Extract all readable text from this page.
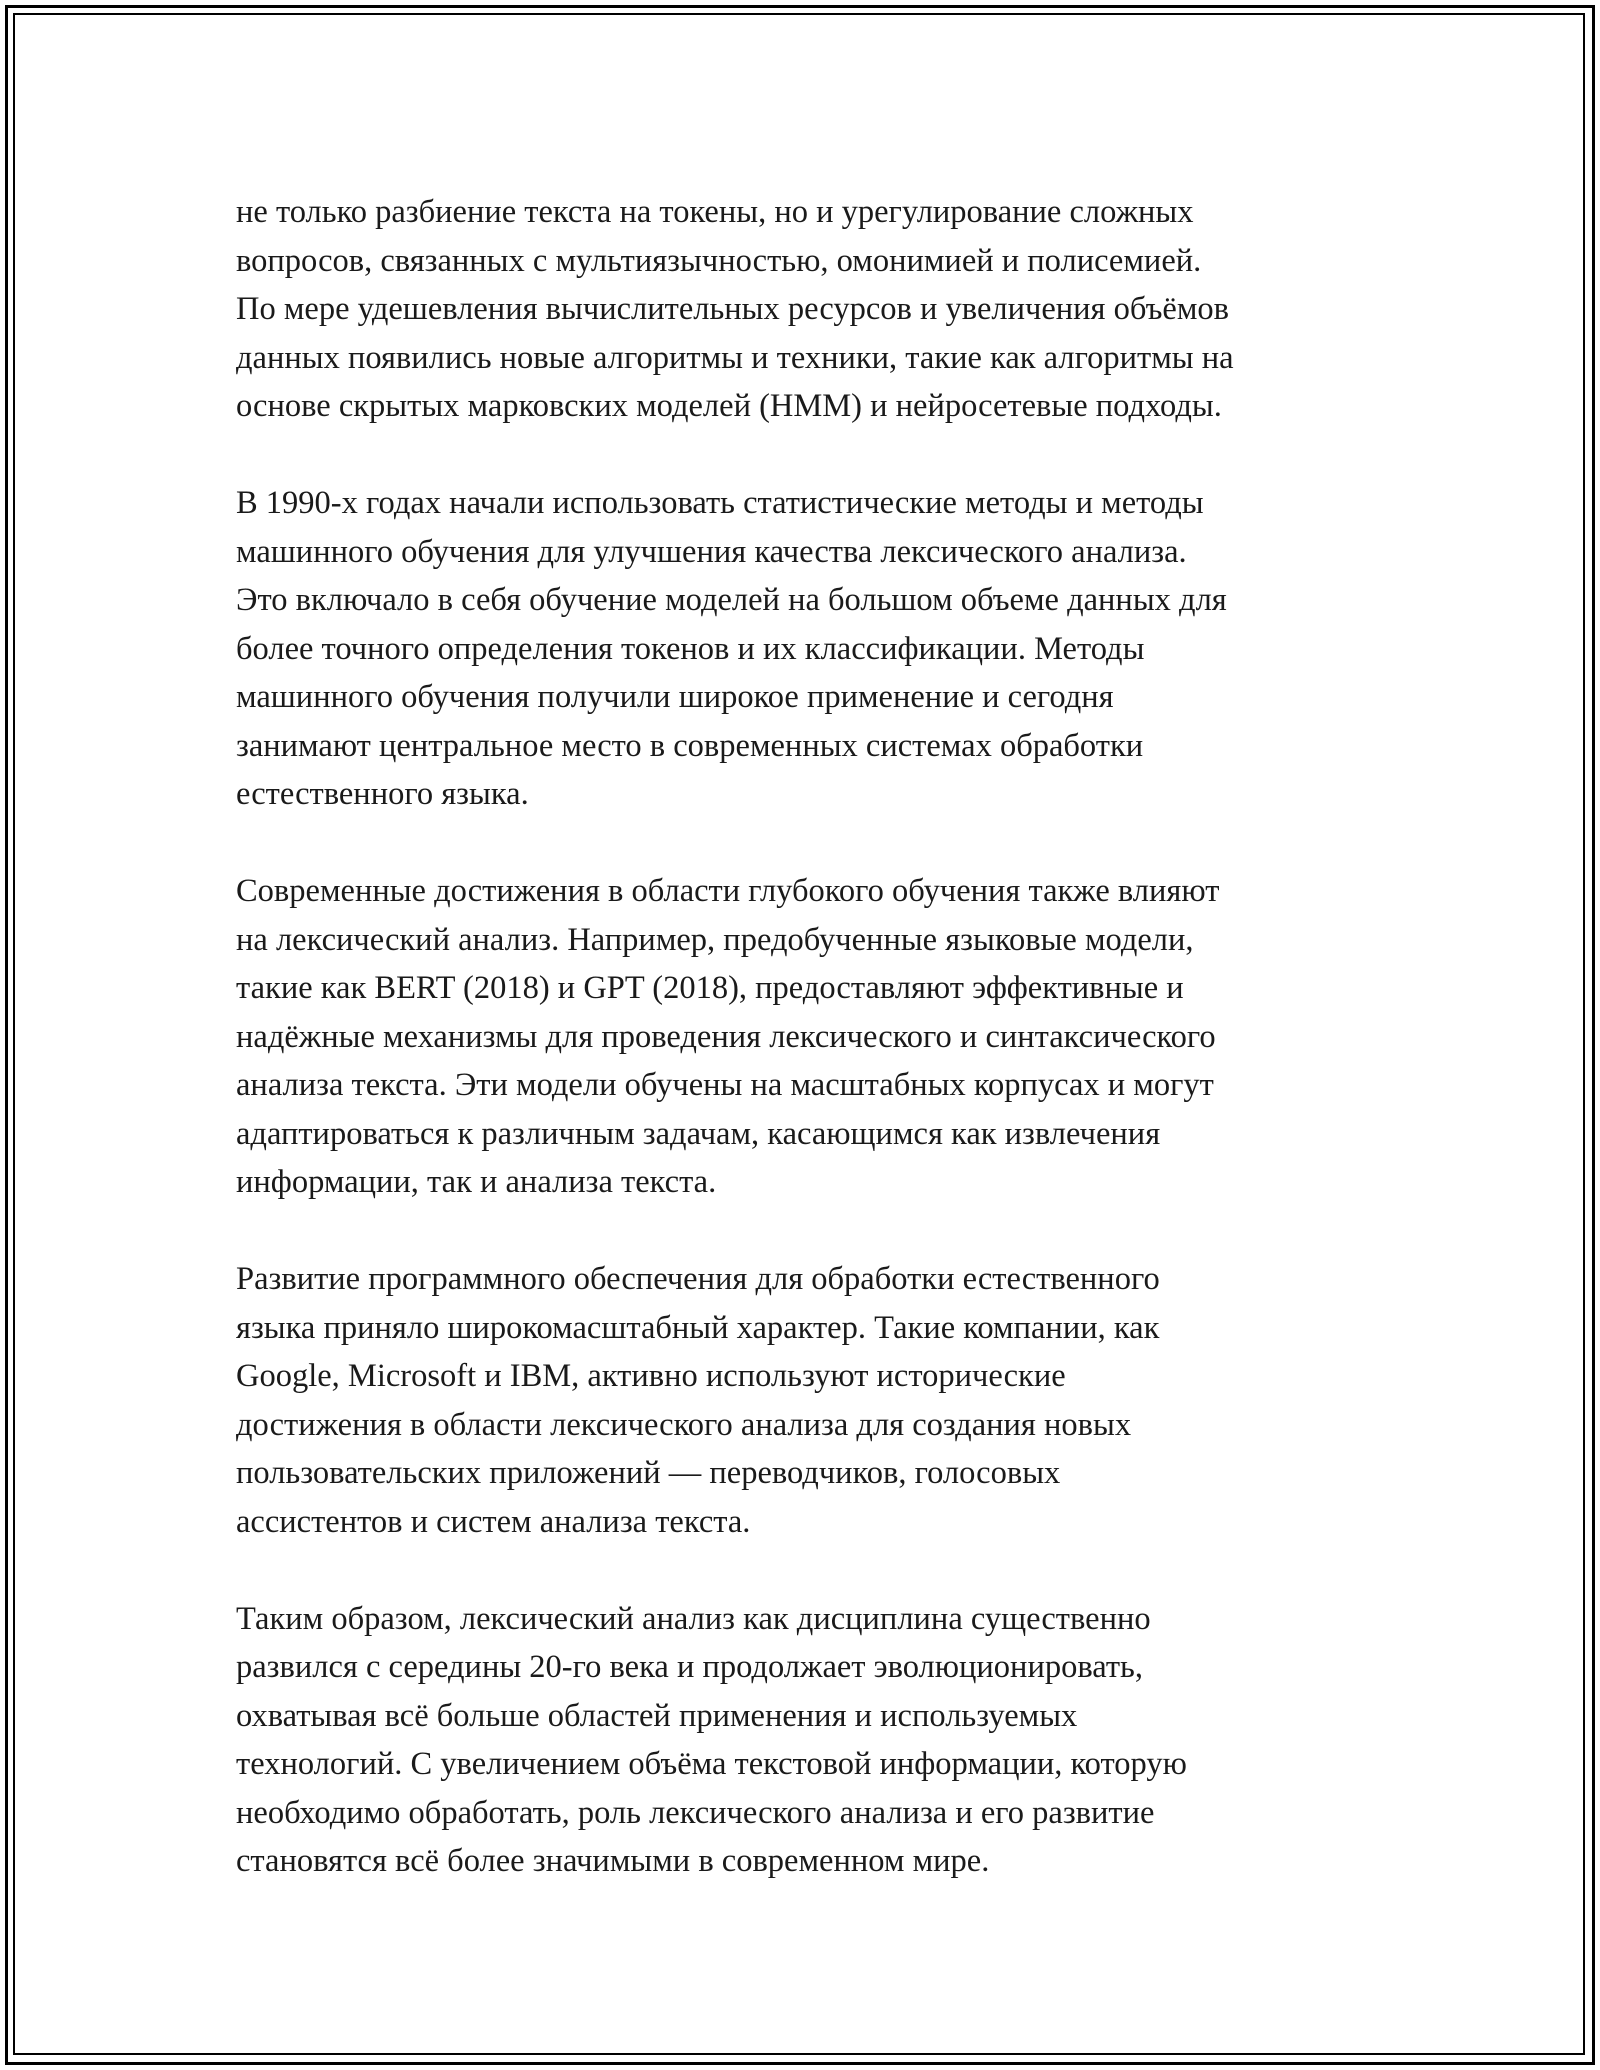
не только разбиение текста на токены, но и урегулирование сложных
вопросов, связанных с мультиязычностью, омонимией и полисемией.
По мере удешевления вычислительных ресурсов и увеличения объёмов
данных появились новые алгоритмы и техники, такие как алгоритмы на
основе скрытых марковских моделей (HMM) и нейросетевые подходы.

В 1990-х годах начали использовать статистические методы и методы
машинного обучения для улучшения качества лексического анализа.
Это включало в себя обучение моделей на большом объеме данных для
более точного определения токенов и их классификации. Методы
машинного обучения получили широкое применение и сегодня
занимают центральное место в современных системах обработки
естественного языка.

Современные достижения в области глубокого обучения также влияют
на лексический анализ. Например, предобученные языковые модели,
такие как BERT (2018) и GPT (2018), предоставляют эффективные и
надёжные механизмы для проведения лексического и синтаксического
анализа текста. Эти модели обучены на масштабных корпусах и могут
адаптироваться к различным задачам, касающимся как извлечения
информации, так и анализа текста.

Развитие программного обеспечения для обработки естественного
языка приняло широкомасштабный характер. Такие компании, как
Google, Microsoft и IBM, активно используют исторические
достижения в области лексического анализа для создания новых
пользовательских приложений — переводчиков, голосовых
ассистентов и систем анализа текста.

Таким образом, лексический анализ как дисциплина существенно
развился с середины 20-го века и продолжает эволюционировать,
охватывая всё больше областей применения и используемых
технологий. С увеличением объёма текстовой информации, которую
необходимо обработать, роль лексического анализа и его развитие
становятся всё более значимыми в современном мире.
